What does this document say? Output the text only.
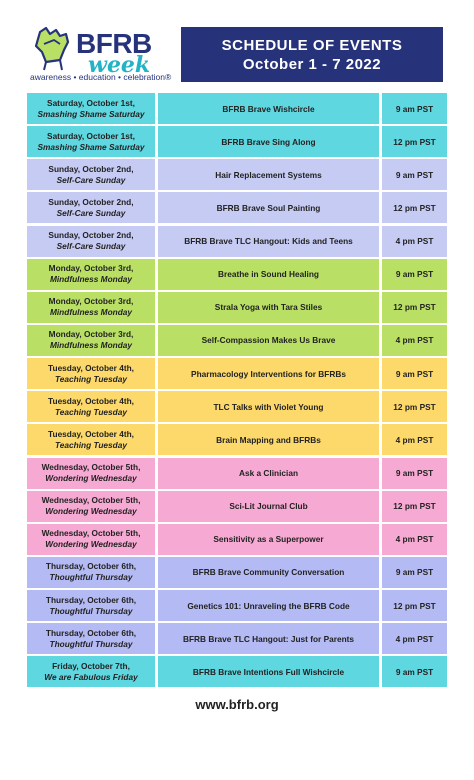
BFRB
week
awareness • education • celebration®
SCHEDULE OF EVENTS
October 1 - 7 2022
Saturday, October 1st,
Smashing Shame Saturday	BFRB Brave Wishcircle	9 am PST
Saturday, October 1st,
Smashing Shame Saturday	BFRB Brave Sing Along	12 pm PST
Sunday, October 2nd,
Self-Care Sunday	Hair Replacement Systems	9 am PST
Sunday, October 2nd,
Self-Care Sunday	BFRB Brave Soul Painting	12 pm PST
Sunday, October 2nd,
Self-Care Sunday	BFRB Brave TLC Hangout: Kids and Teens	4 pm PST
Monday, October 3rd,
Mindfulness Monday	Breathe in Sound Healing	9 am PST
Monday, October 3rd,
Mindfulness Monday	Strala Yoga with Tara Stiles	12 pm PST
Monday, October 3rd,
Mindfulness Monday	Self-Compassion Makes Us Brave	4 pm PST
Tuesday, October 4th,
Teaching Tuesday	Pharmacology Interventions for BFRBs	9 am PST
Tuesday, October 4th,
Teaching Tuesday	TLC Talks with Violet Young	12 pm PST
Tuesday, October 4th,
Teaching Tuesday	Brain Mapping and BFRBs	4 pm PST
Wednesday, October 5th,
Wondering Wednesday	Ask a Clinician	9 am PST
Wednesday, October 5th,
Wondering Wednesday	Sci-Lit Journal Club	12 pm PST
Wednesday, October 5th,
Wondering Wednesday	Sensitivity as a Superpower	4 pm PST
Thursday, October 6th,
Thoughtful Thursday	BFRB Brave Community Conversation	9 am PST
Thursday, October 6th,
Thoughtful Thursday	Genetics 101: Unraveling the BFRB Code	12 pm PST
Thursday, October 6th,
Thoughtful Thursday	BFRB Brave TLC Hangout: Just for Parents	4 pm PST
Friday, October 7th,
We are Fabulous Friday	BFRB Brave Intentions Full Wishcircle	9 am PST
www.bfrb.org
